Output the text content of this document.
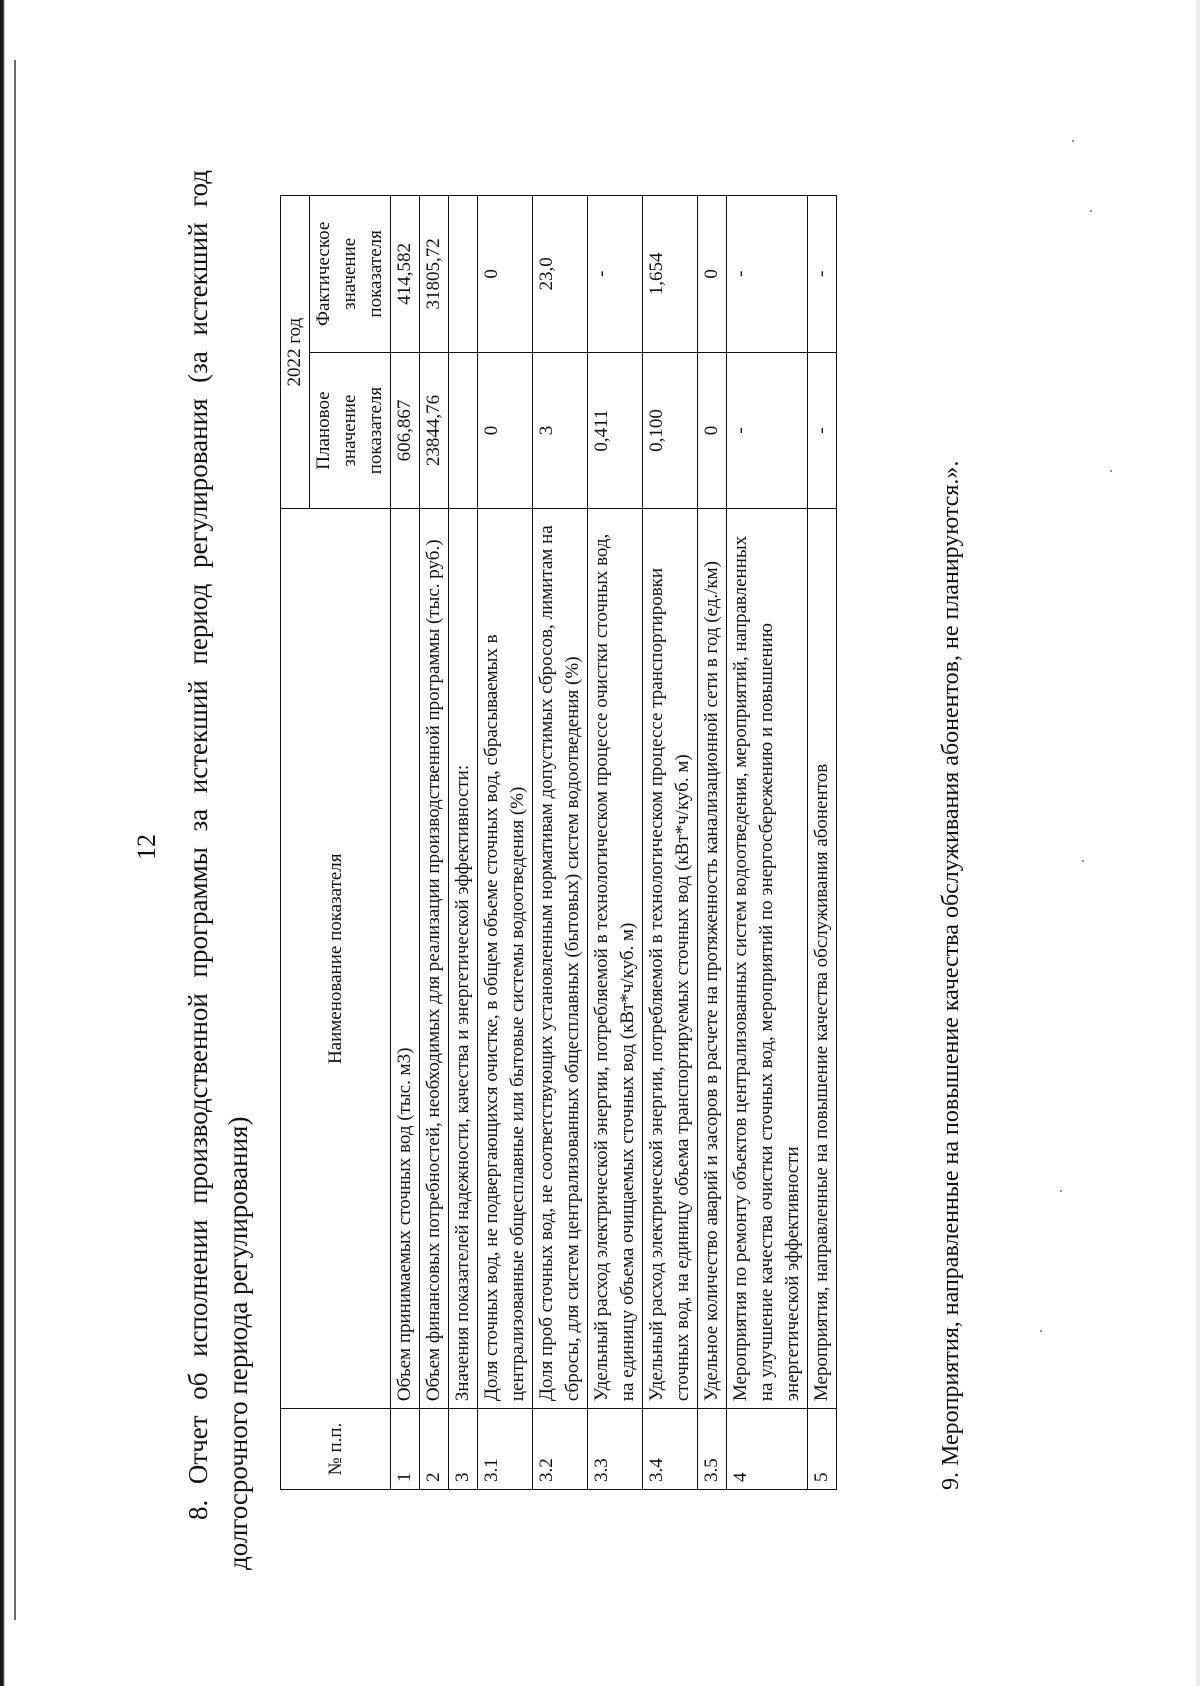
12 8. Отчет об исполнении производственной программы за истекший период регулирования (за истекший год долгосрочного периода регулирования)	№ п.п.	Наименование показателя	2022 год	
		Плановое значение показателя	Фактическое значение показателя
1	Объем принимаемых сточных вод (тыс. м3)	606,867	414,582
2	Объем финансовых потребностей, необходимых для реализации производственной программы (тыс. руб.)	23844,76	31805,72
3	Значения показателей надежности, качества и энергетической эффективности:		
3.1	Доля сточных вод, не подвергающихся очистке, в общем объеме сточных вод, сбрасываемых в централизованные общесплавные или бытовые системы водоотведения (%)	0	0
3.2	Доля проб сточных вод, не соответствующих установленным нормативам допустимых сбросов, лимитам на сбросы, для систем централизованных общесплавных (бытовых) систем водоотведения (%)	3	23,0
3.3	Удельный расход электрической энергии, потребляемой в технологическом процессе очистки сточных вод, на единицу объема очищаемых сточных вод (кВт*ч/куб. м)	0,411	-
3.4	Удельный расход электрической энергии, потребляемой в технологическом процессе транспортировки сточных вод, на единицу объема транспортируемых сточных вод (кВт*ч/куб. м)	0,100	1,654
3.5	Удельное количество аварий и засоров в расчете на протяженность канализационной сети в год (ед./км)	0	0
4	Мероприятия по ремонту объектов централизованных систем водоотведения, мероприятий, направленных на улучшение качества очистки сточных вод, мероприятий по энергосбережению и повышению энергетической эффективности	-	-
5	Мероприятия, направленные на повышение качества обслуживания абонентов	-	-
9. Мероприятия, направленные на повышение качества обслуживания абонентов, не планируются.».
